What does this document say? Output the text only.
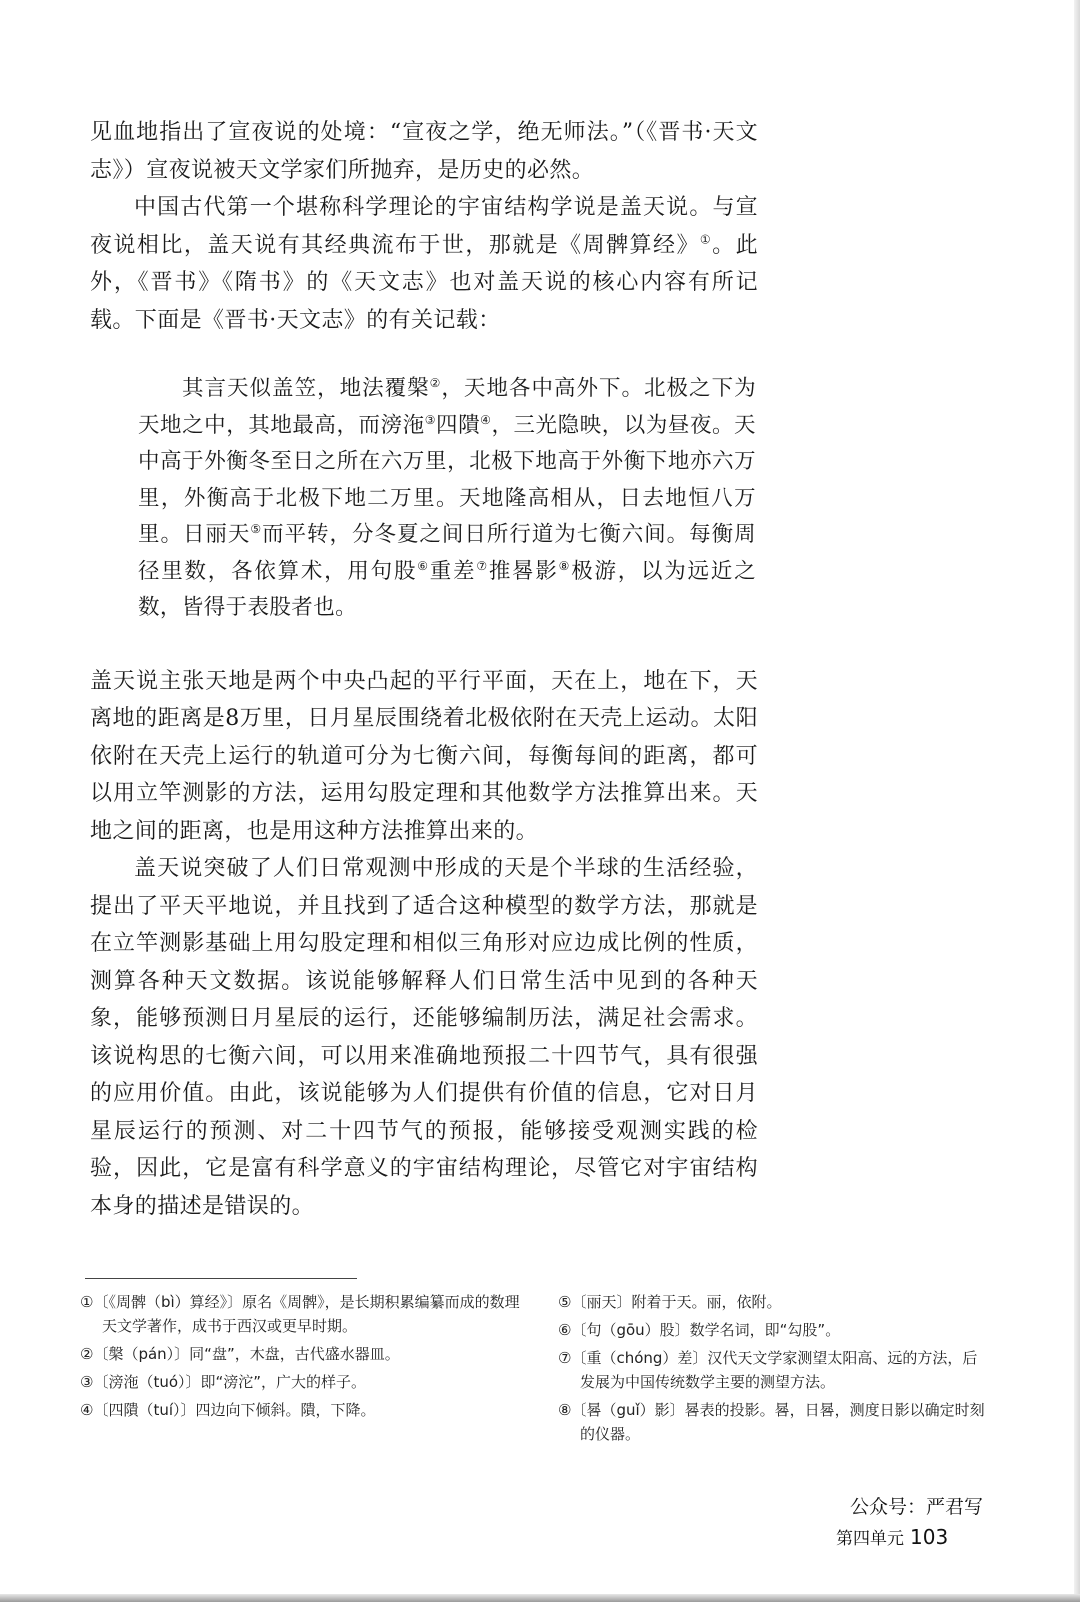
见血地指出了宣夜说的处境：“宣夜之学，绝无师法。”（《晋书·天文志》）宣夜说被天文学家们所抛弃，是历史的必然。

中国古代第一个堪称科学理论的宇宙结构学说是盖天说。与宣夜说相比，盖天说有其经典流布于世，那就是《周髀算经》①。此外，《晋书》《隋书》的《天文志》也对盖天说的核心内容有所记载。下面是《晋书·天文志》的有关记载：

其言天似盖笠，地法覆槃②，天地各中高外下。北极之下为天地之中，其地最高，而滂沲③四隤④，三光隐映，以为昼夜。天中高于外衡冬至日之所在六万里，北极下地高于外衡下地亦六万里，外衡高于北极下地二万里。天地隆高相从，日去地恒八万里。日丽天⑤而平转，分冬夏之间日所行道为七衡六间。每衡周径里数，各依算术，用句股⑥重差⑦推晷影⑧极游，以为远近之数，皆得于表股者也。

盖天说主张天地是两个中央凸起的平行平面，天在上，地在下，天离地的距离是8万里，日月星辰围绕着北极依附在天壳上运动。太阳依附在天壳上运行的轨道可分为七衡六间，每衡每间的距离，都可以用立竿测影的方法，运用勾股定理和其他数学方法推算出来。天地之间的距离，也是用这种方法推算出来的。

盖天说突破了人们日常观测中形成的天是个半球的生活经验，提出了平天平地说，并且找到了适合这种模型的数学方法，那就是在立竿测影基础上用勾股定理和相似三角形对应边成比例的性质，测算各种天文数据。该说能够解释人们日常生活中见到的各种天象，能够预测日月星辰的运行，还能够编制历法，满足社会需求。该说构思的七衡六间，可以用来准确地预报二十四节气，具有很强的应用价值。由此，该说能够为人们提供有价值的信息，它对日月星辰运行的预测、对二十四节气的预报，能够接受观测实践的检验，因此，它是富有科学意义的宇宙结构理论，尽管它对宇宙结构本身的描述是错误的。

①〔《周髀（bì）算经》〕原名《周髀》，是长期积累编纂而成的数理天文学著作，成书于西汉或更早时期。

②〔槃（pán）〕同“盘”，木盘，古代盛水器皿。

③〔滂沲（tuó）〕即“滂沱”，广大的样子。

④〔四隤（tuí）〕四边向下倾斜。隤，下降。

⑤〔丽天〕附着于天。丽，依附。

⑥〔句（gōu）股〕数学名词，即“勾股”。

⑦〔重（chóng）差〕汉代天文学家测望太阳高、远的方法，后发展为中国传统数学主要的测望方法。

⑧〔晷（guǐ）影〕晷表的投影。晷，日晷，测度日影以确定时刻的仪器。

公众号：严君写
第四单元 103
